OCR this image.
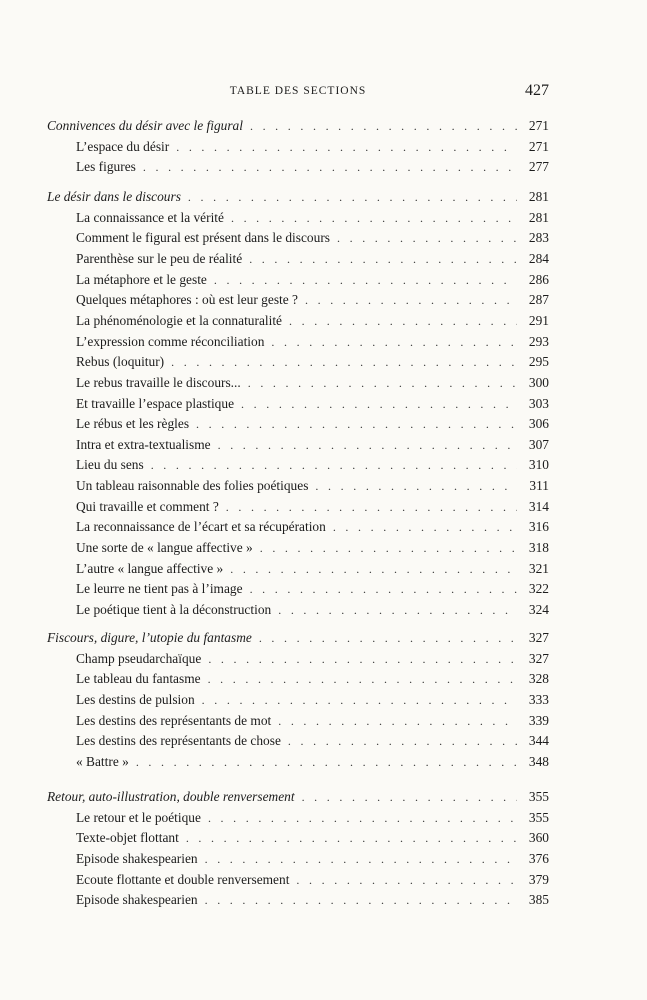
TABLE DES SECTIONS	427
Connivences du désir avec le figural . . .	271
L’espace du désir . . .	271
Les figures . . .	277
Le désir dans le discours . . .	281
La connaissance et la vérité . . .	281
Comment le figural est présent dans le discours . . .	283
Parenthèse sur le peu de réalité . . .	284
La métaphore et le geste . . .	286
Quelques métaphores : où est leur geste ? . . .	287
La phénoménologie et la connaturalité . . .	291
L’expression comme réconciliation . . .	293
Rebus (loquitur) . . .	295
Le rebus travaille le discours... . . .	300
Et travaille l’espace plastique . . .	303
Le rébus et les règles . . .	306
Intra et extra-textualisme . . .	307
Lieu du sens . . .	310
Un tableau raisonnable des folies poétiques . . .	311
Qui travaille et comment ? . . .	314
La reconnaissance de l’écart et sa récupération . . .	316
Une sorte de « langue affective » . . .	318
L’autre « langue affective » . . .	321
Le leurre ne tient pas à l’image . . .	322
Le poétique tient à la déconstruction . . .	324
Fiscours, digure, l’utopie du fantasme . . .	327
Champ pseudarchaïque . . .	327
Le tableau du fantasme . . .	328
Les destins de pulsion . . .	333
Les destins des représentants de mot . . .	339
Les destins des représentants de chose . . .	344
« Battre » . . .	348
Retour, auto-illustration, double renversement . . .	355
Le retour et le poétique . . .	355
Texte-objet flottant . . .	360
Episode shakespearien . . .	376
Ecoute flottante et double renversement . . .	379
Episode shakespearien . . .	385
